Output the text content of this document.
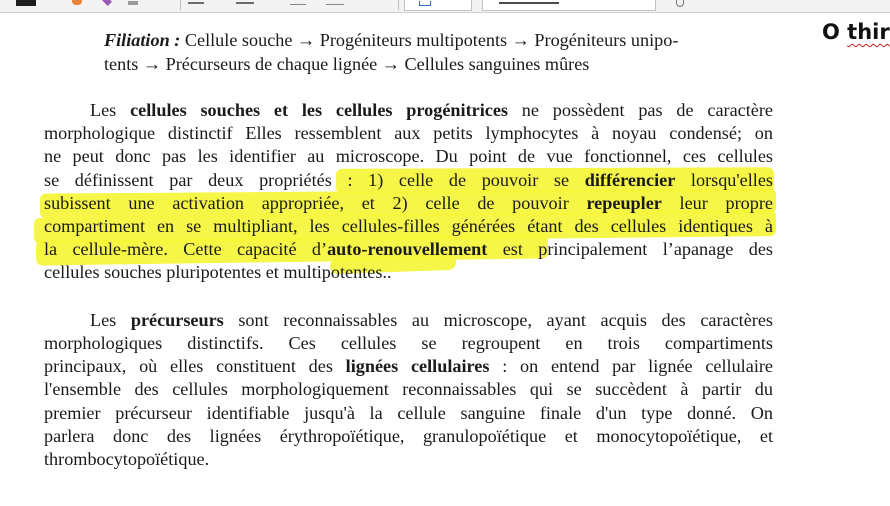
O thir
Filiation : Cellule souche → Progéniteurs multipotents → Progéniteurs unipo-
tents → Précurseurs de chaque lignée → Cellules sanguines mûres
Les cellules souches et les cellules progénitrices ne possèdent pas de caractère
morphologique distinctif Elles ressemblent aux petits lymphocytes à noyau condensé; on
ne peut donc pas les identifier au microscope. Du point de vue fonctionnel, ces cellules
se définissent par deux propriétés : 1) celle de pouvoir se différencier lorsqu'elles
subissent une activation appropriée, et 2) celle de pouvoir repeupler leur propre
compartiment en se multipliant, les cellules-filles générées étant des cellules identiques à
la cellule-mère. Cette capacité d’auto-renouvellement est principalement l’apanage des
cellules souches pluripotentes et multipotentes..
Les précurseurs sont reconnaissables au microscope, ayant acquis des caractères
morphologiques distinctifs. Ces cellules se regroupent en trois compartiments
principaux, où elles constituent des lignées cellulaires : on entend par lignée cellulaire
l'ensemble des cellules morphologiquement reconnaissables qui se succèdent à partir du
premier précurseur identifiable jusqu'à la cellule sanguine finale d'un type donné. On
parlera donc des lignées érythropoïétique, granulopoïétique et monocytopoïétique, et
thrombocytopoïétique.
